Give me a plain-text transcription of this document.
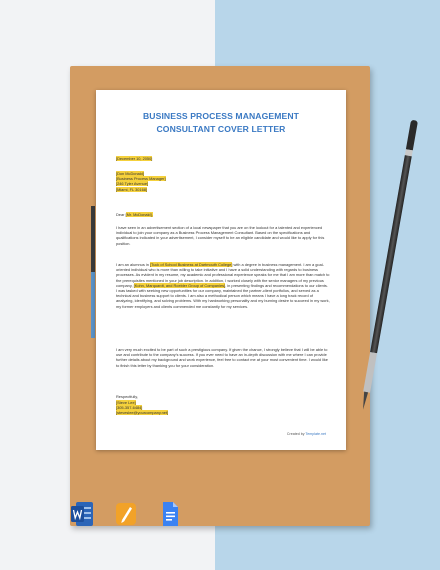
BUSINESS PROCESS MANAGEMENT
CONSULTANT COVER LETTER

[December 10, 2050]

[Don McDonald]
[Business Process Manager]
[246 Tyler Avenue]
[Miami, FL 30168]

Dear [Mr. McDonald],

I have seen in an advertisement section of a local newspaper that you are on the lookout for a talented and experienced individual to join your company as a Business Process Management Consultant. Based on the specifications and qualifications indicated in your advertisement, I consider myself to be an eligible candidate and would like to apply for this position.

I am an alumnus in [Tuck of School Business at Dartmouth College] with a degree in business management. I am a goal-oriented individual who is more than willing to take initiative and I have a solid understanding with regards to business processes. As evident in my resume, my academic and professional experience speaks for me that I am more than match to the prerequisites mentioned in your job description. In addition, I worked closely with the senior managers of my previous company, [Kohn, Marquardt, and Roebler Group of Companies], in presenting findings and recommendations to our clients. I was tasked with seeking new opportunities for our company, maintained the partner-client portfolios, and served as a technical and business support to clients. I am also a methodical person which means I have a long track record of analyzing, identifying, and solving problems. With my hardworking personality and my burning desire to succeed in my work, my former employers and clients commended me constantly for my services.

I am very much excited to be part of such a prestigious company. If given the chance, I strongly believe that I will be able to use and contribute to the company's success. If you ever need to have an in-depth discussion with me where I can provide further details about my background and work experience, feel free to contact me at your most convenient time. I would like to finish this letter by thanking you for your consideration.

Respectfully,

[Steve Lee]
[305-357-6484]
[steveslee@yourcompany.net]
Created by Template.net
